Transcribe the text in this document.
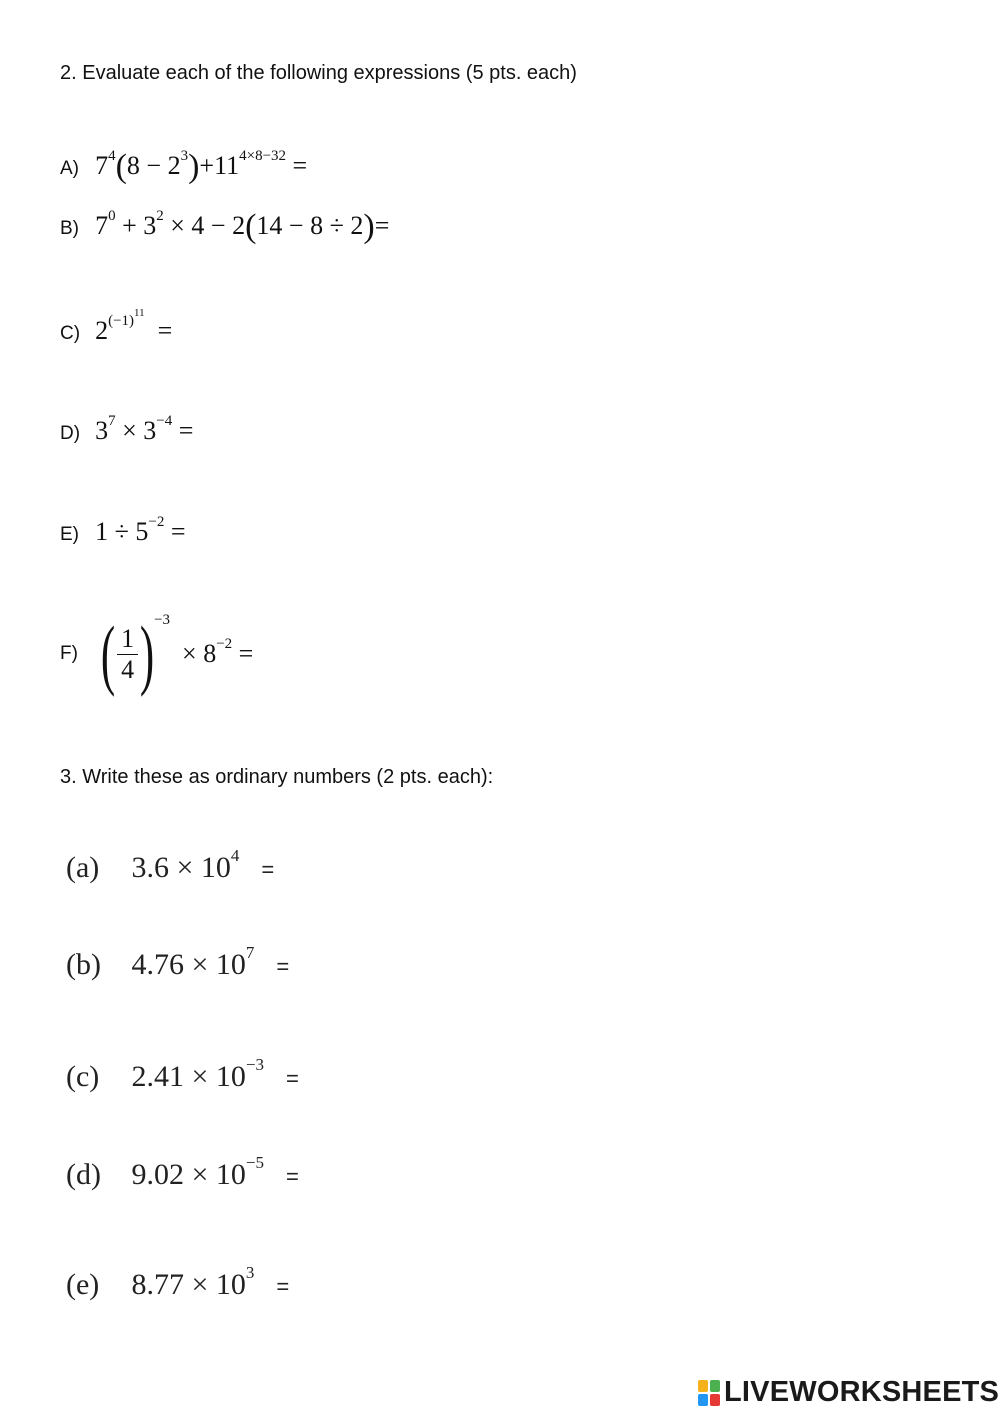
2. Evaluate each of the following expressions (5 pts. each)
A) $7^4(8 - 2^3)+11^{4\times 8-32}$ =
B) $7^0 + 3^2 \times 4 - 2(14 - 8 \div 2)=$
C) $2^{(-1)^{11}}$  =
D) $3^7 \times 3^{-4}$ =
E) $1 \div 5^{-2}$ =
F) ( $\frac{1}{4}$ ) −3
× $8^{-2}$ =
3. Write these as ordinary numbers (2 pts. each):
(a) $3.6 \times 10^4=$
(b) $4.76 \times 10^7=$
(c) $2.41 \times 10^{-3}=$
(d) $9.02 \times 10^{-5}=$
(e) $8.77 \times 10^3=$
LIVEWORKSHEETS
